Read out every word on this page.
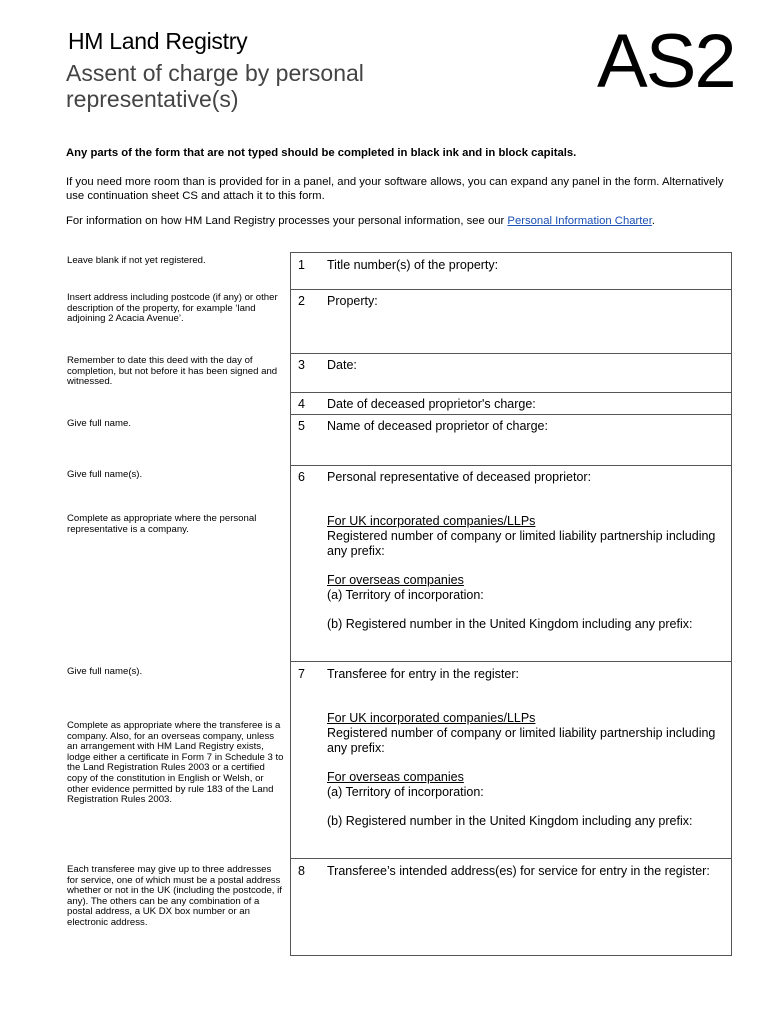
HM Land Registry
Assent of charge by personal
representative(s)	AS2
Any parts of the form that are not typed should be completed in black ink and in block capitals.
If you need more room than is provided for in a panel, and your software allows, you can expand any panel in the form. Alternatively use continuation sheet CS and attach it to this form.
For information on how HM Land Registry processes your personal information, see our Personal Information Charter.
Leave blank if not yet registered.
Insert address including postcode (if any) or other description of the property, for example ‘land adjoining 2 Acacia Avenue’.
Remember to date this deed with the day of completion, but not before it has been signed and witnessed.
Give full name.
Give full name(s).
Complete as appropriate where the personal representative is a company.
Give full name(s).
Complete as appropriate where the transferee is a company. Also, for an overseas company, unless an arrangement with HM Land Registry exists, lodge either a certificate in Form 7 in Schedule 3 to the Land Registration Rules 2003 or a certified copy of the constitution in English or Welsh, or other evidence permitted by rule 183 of the Land Registration Rules 2003.
Each transferee may give up to three addresses for service, one of which must be a postal address whether or not in the UK (including the postcode, if any). The others can be any combination of a postal address, a UK DX box number or an electronic address.
1 Title number(s) of the property:
2 Property:
3 Date:
4 Date of deceased proprietor's charge:
5 Name of deceased proprietor of charge:
6 Personal representative of deceased proprietor:
For UK incorporated companies/LLPs
Registered number of company or limited liability partnership including any prefix:
For overseas companies
(a) Territory of incorporation:
(b) Registered number in the United Kingdom including any prefix:
7 Transferee for entry in the register:
For UK incorporated companies/LLPs
Registered number of company or limited liability partnership including any prefix:
For overseas companies
(a) Territory of incorporation:
(b) Registered number in the United Kingdom including any prefix:
8 Transferee’s intended address(es) for service for entry in the register:
